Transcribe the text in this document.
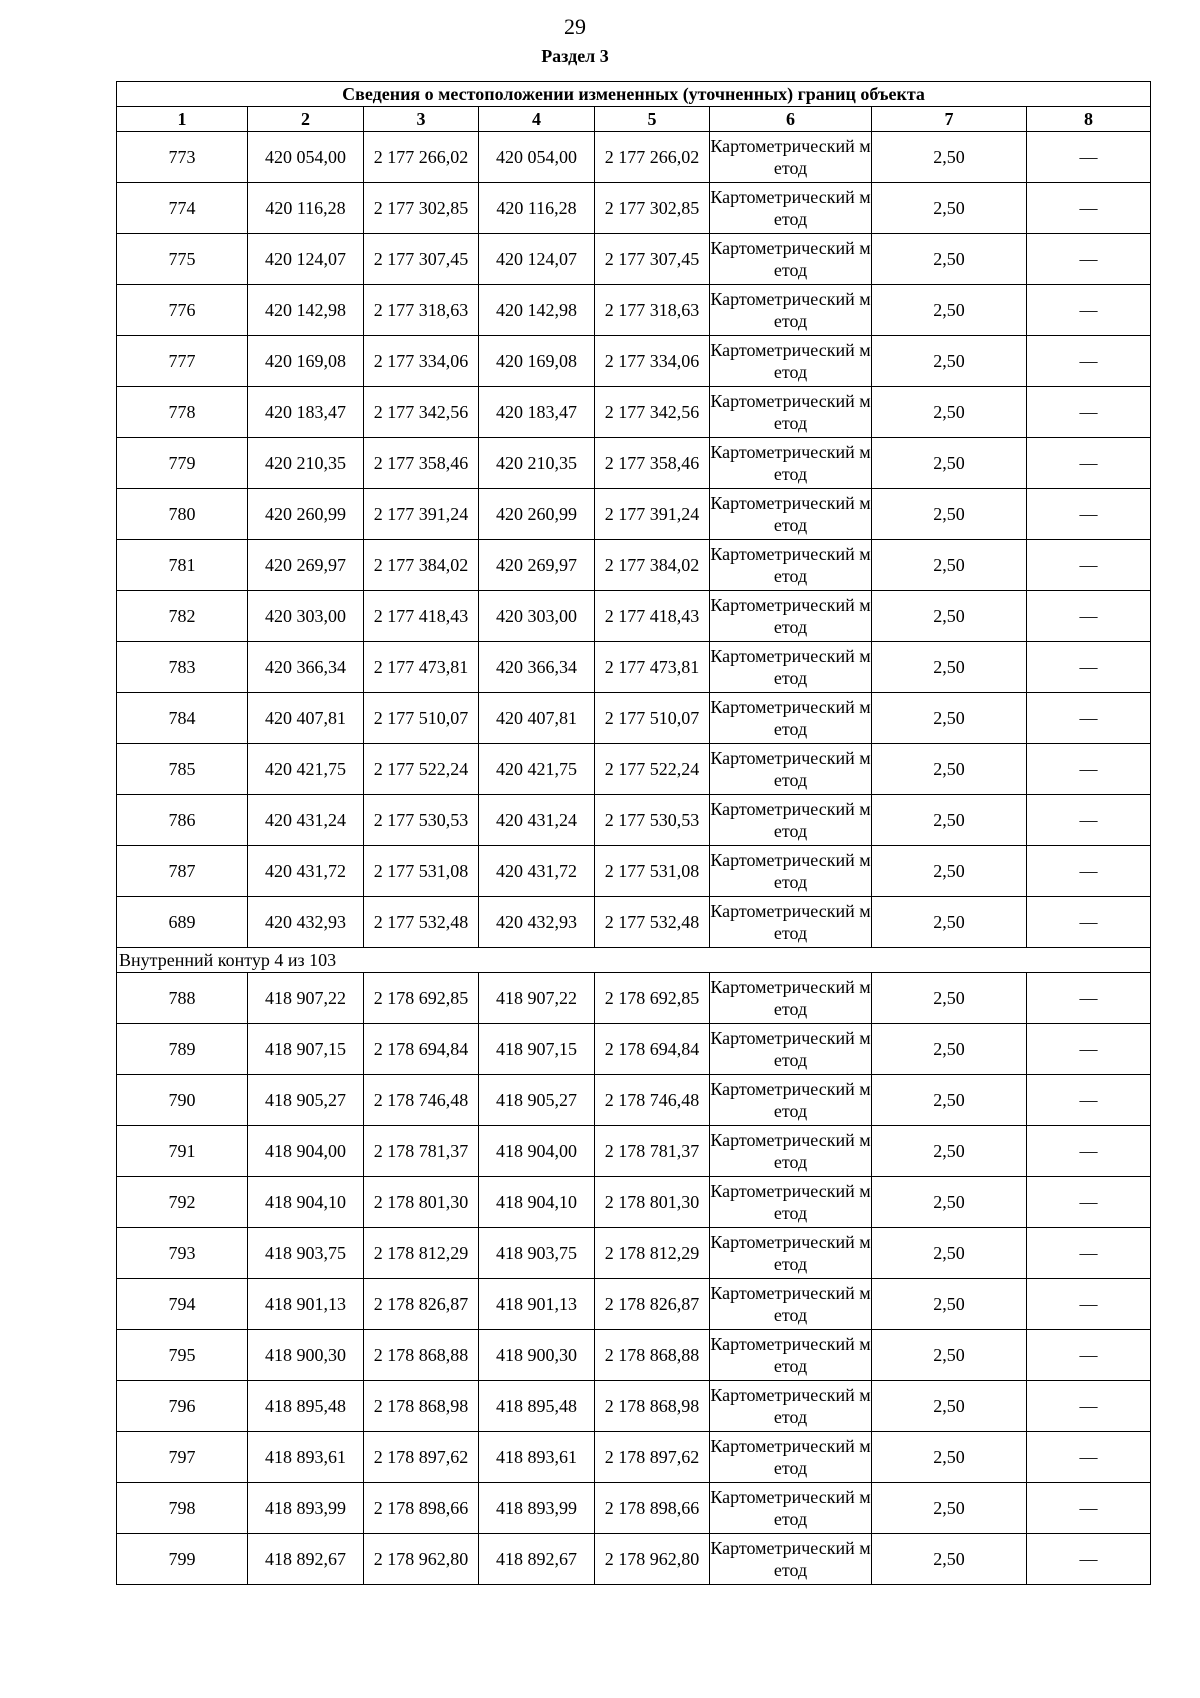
29
Раздел 3
Сведения о местоположении измененных (уточненных) границ объекта							
1	2	3	4	5	6	7	8
773	420 054,00	2 177 266,02	420 054,00	2 177 266,02	Картометрический метод	2,50	—
774	420 116,28	2 177 302,85	420 116,28	2 177 302,85	Картометрический метод	2,50	—
775	420 124,07	2 177 307,45	420 124,07	2 177 307,45	Картометрический метод	2,50	—
776	420 142,98	2 177 318,63	420 142,98	2 177 318,63	Картометрический метод	2,50	—
777	420 169,08	2 177 334,06	420 169,08	2 177 334,06	Картометрический метод	2,50	—
778	420 183,47	2 177 342,56	420 183,47	2 177 342,56	Картометрический метод	2,50	—
779	420 210,35	2 177 358,46	420 210,35	2 177 358,46	Картометрический метод	2,50	—
780	420 260,99	2 177 391,24	420 260,99	2 177 391,24	Картометрический метод	2,50	—
781	420 269,97	2 177 384,02	420 269,97	2 177 384,02	Картометрический метод	2,50	—
782	420 303,00	2 177 418,43	420 303,00	2 177 418,43	Картометрический метод	2,50	—
783	420 366,34	2 177 473,81	420 366,34	2 177 473,81	Картометрический метод	2,50	—
784	420 407,81	2 177 510,07	420 407,81	2 177 510,07	Картометрический метод	2,50	—
785	420 421,75	2 177 522,24	420 421,75	2 177 522,24	Картометрический метод	2,50	—
786	420 431,24	2 177 530,53	420 431,24	2 177 530,53	Картометрический метод	2,50	—
787	420 431,72	2 177 531,08	420 431,72	2 177 531,08	Картометрический метод	2,50	—
689	420 432,93	2 177 532,48	420 432,93	2 177 532,48	Картометрический метод	2,50	—
Внутренний контур 4 из 103							
788	418 907,22	2 178 692,85	418 907,22	2 178 692,85	Картометрический метод	2,50	—
789	418 907,15	2 178 694,84	418 907,15	2 178 694,84	Картометрический метод	2,50	—
790	418 905,27	2 178 746,48	418 905,27	2 178 746,48	Картометрический метод	2,50	—
791	418 904,00	2 178 781,37	418 904,00	2 178 781,37	Картометрический метод	2,50	—
792	418 904,10	2 178 801,30	418 904,10	2 178 801,30	Картометрический метод	2,50	—
793	418 903,75	2 178 812,29	418 903,75	2 178 812,29	Картометрический метод	2,50	—
794	418 901,13	2 178 826,87	418 901,13	2 178 826,87	Картометрический метод	2,50	—
795	418 900,30	2 178 868,88	418 900,30	2 178 868,88	Картометрический метод	2,50	—
796	418 895,48	2 178 868,98	418 895,48	2 178 868,98	Картометрический метод	2,50	—
797	418 893,61	2 178 897,62	418 893,61	2 178 897,62	Картометрический метод	2,50	—
798	418 893,99	2 178 898,66	418 893,99	2 178 898,66	Картометрический метод	2,50	—
799	418 892,67	2 178 962,80	418 892,67	2 178 962,80	Картометрический метод	2,50	—
